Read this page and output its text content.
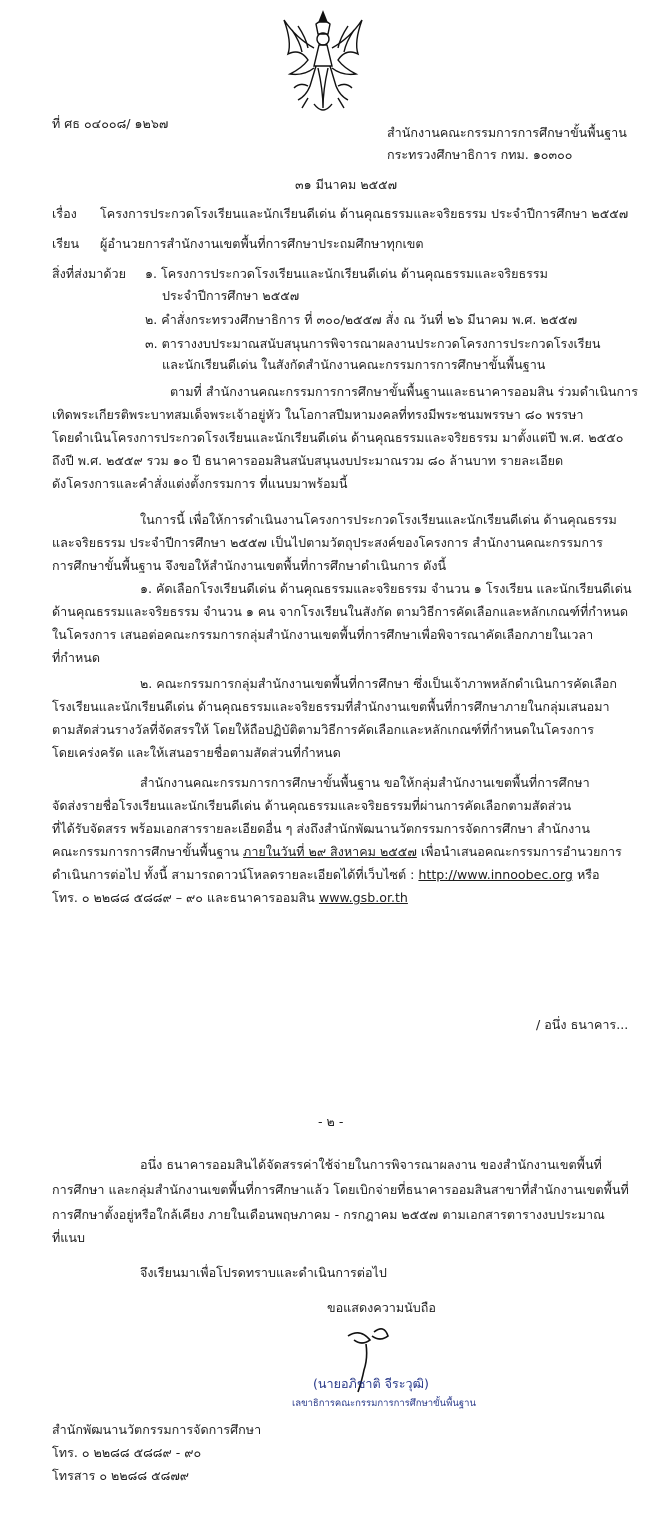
ที่ ศธ ๐๔๐๐๘/ ๑๒๖๗
สำนักงานคณะกรรมการการศึกษาขั้นพื้นฐาน
กระทรวงศึกษาธิการ กทม. ๑๐๓๐๐
๓๑ มีนาคม ๒๕๕๗
เรื่อง โครงการประกวดโรงเรียนและนักเรียนดีเด่น ด้านคุณธรรมและจริยธรรม ประจำปีการศึกษา ๒๕๕๗
เรียน ผู้อำนวยการสำนักงานเขตพื้นที่การศึกษาประถมศึกษาทุกเขต
สิ่งที่ส่งมาด้วย ๑. โครงการประกวดโรงเรียนและนักเรียนดีเด่น ด้านคุณธรรมและจริยธรรม
ประจำปีการศึกษา ๒๕๕๗
๒. คำสั่งกระทรวงศึกษาธิการ ที่ ๓๐๐/๒๕๕๗ สั่ง ณ วันที่ ๒๖ มีนาคม พ.ศ. ๒๕๕๗
๓. ตารางงบประมาณสนับสนุนการพิจารณาผลงานประกวดโครงการประกวดโรงเรียน
และนักเรียนดีเด่น ในสังกัดสำนักงานคณะกรรมการการศึกษาขั้นพื้นฐาน
ตามที่ สำนักงานคณะกรรมการการศึกษาขั้นพื้นฐานและธนาคารออมสิน ร่วมดำเนินการ
เทิดพระเกียรติพระบาทสมเด็จพระเจ้าอยู่หัว ในโอกาสปีมหามงคลที่ทรงมีพระชนมพรรษา ๘๐ พรรษา
โดยดำเนินโครงการประกวดโรงเรียนและนักเรียนดีเด่น ด้านคุณธรรมและจริยธรรม มาตั้งแต่ปี พ.ศ. ๒๕๕๐
ถึงปี พ.ศ. ๒๕๕๙ รวม ๑๐ ปี ธนาคารออมสินสนับสนุนงบประมาณรวม ๘๐ ล้านบาท รายละเอียด
ดังโครงการและคำสั่งแต่งตั้งกรรมการ ที่แนบมาพร้อมนี้
ในการนี้ เพื่อให้การดำเนินงานโครงการประกวดโรงเรียนและนักเรียนดีเด่น ด้านคุณธรรม
และจริยธรรม ประจำปีการศึกษา ๒๕๕๗ เป็นไปตามวัตถุประสงค์ของโครงการ สำนักงานคณะกรรมการ
การศึกษาขั้นพื้นฐาน จึงขอให้สำนักงานเขตพื้นที่การศึกษาดำเนินการ ดังนี้
๑. คัดเลือกโรงเรียนดีเด่น ด้านคุณธรรมและจริยธรรม จำนวน ๑ โรงเรียน และนักเรียนดีเด่น
ด้านคุณธรรมและจริยธรรม จำนวน ๑ คน จากโรงเรียนในสังกัด ตามวิธีการคัดเลือกและหลักเกณฑ์ที่กำหนด
ในโครงการ เสนอต่อคณะกรรมการกลุ่มสำนักงานเขตพื้นที่การศึกษาเพื่อพิจารณาคัดเลือกภายในเวลา
ที่กำหนด
๒. คณะกรรมการกลุ่มสำนักงานเขตพื้นที่การศึกษา ซึ่งเป็นเจ้าภาพหลักดำเนินการคัดเลือก
โรงเรียนและนักเรียนดีเด่น ด้านคุณธรรมและจริยธรรมที่สำนักงานเขตพื้นที่การศึกษาภายในกลุ่มเสนอมา
ตามสัดส่วนรางวัลที่จัดสรรให้ โดยให้ถือปฏิบัติตามวิธีการคัดเลือกและหลักเกณฑ์ที่กำหนดในโครงการ
โดยเคร่งครัด และให้เสนอรายชื่อตามสัดส่วนที่กำหนด
สำนักงานคณะกรรมการการศึกษาขั้นพื้นฐาน ขอให้กลุ่มสำนักงานเขตพื้นที่การศึกษา
จัดส่งรายชื่อโรงเรียนและนักเรียนดีเด่น ด้านคุณธรรมและจริยธรรมที่ผ่านการคัดเลือกตามสัดส่วน
ที่ได้รับจัดสรร พร้อมเอกสารรายละเอียดอื่น ๆ ส่งถึงสำนักพัฒนานวัตกรรมการจัดการศึกษา สำนักงาน
คณะกรรมการการศึกษาขั้นพื้นฐาน ภายในวันที่ ๒๙ สิงหาคม ๒๕๕๗ เพื่อนำเสนอคณะกรรมการอำนวยการ
ดำเนินการต่อไป ทั้งนี้ สามารถดาวน์โหลดรายละเอียดได้ที่เว็บไซต์ : http://www.innoobec.org หรือ
โทร. ๐ ๒๒๘๘ ๕๘๘๙ – ๙๐ และธนาคารออมสิน www.gsb.or.th
/ อนึ่ง ธนาคาร...
- ๒ -
อนึ่ง ธนาคารออมสินได้จัดสรรค่าใช้จ่ายในการพิจารณาผลงาน ของสำนักงานเขตพื้นที่
การศึกษา และกลุ่มสำนักงานเขตพื้นที่การศึกษาแล้ว โดยเบิกจ่ายที่ธนาคารออมสินสาขาที่สำนักงานเขตพื้นที่
การศึกษาตั้งอยู่หรือใกล้เคียง ภายในเดือนพฤษภาคม - กรกฎาคม ๒๕๕๗ ตามเอกสารตารางงบประมาณ
ที่แนบ
จึงเรียนมาเพื่อโปรดทราบและดำเนินการต่อไป
ขอแสดงความนับถือ
(นายอภิชาติ จีระวุฒิ)
เลขาธิการคณะกรรมการการศึกษาขั้นพื้นฐาน
สำนักพัฒนานวัตกรรมการจัดการศึกษา
โทร. ๐ ๒๒๘๘ ๕๘๘๙ - ๙๐
โทรสาร ๐ ๒๒๘๘ ๕๘๗๙
